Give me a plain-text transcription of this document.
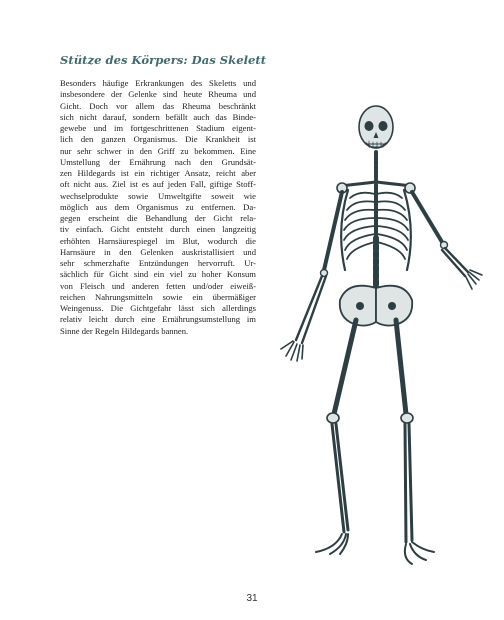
Stütze des Körpers: Das Skelett
Besonders häufige Erkrankungen des Skeletts und
insbesondere der Gelenke sind heute Rheuma und
Gicht. Doch vor allem das Rheuma beschränkt
sich nicht darauf, sondern befällt auch das Binde-
gewebe und im fortgeschrittenen Stadium eigent-
lich den ganzen Organismus. Die Krankheit ist
nur sehr schwer in den Griff zu bekommen. Eine
Umstellung der Ernährung nach den Grundsät-
zen Hildegards ist ein richtiger Ansatz, reicht aber
oft nicht aus. Ziel ist es auf jeden Fall, giftige Stoff-
wechselprodukte sowie Umweltgifte soweit wie
möglich aus dem Organismus zu entfernen. Da-
gegen erscheint die Behandlung der Gicht rela-
tiv einfach. Gicht entsteht durch einen langzeitig
erhöhten Harnsäurespiegel im Blut, wodurch die
Harnsäure in den Gelenken auskristallisiert und
sehr schmerzhafte Entzündungen hervorruft. Ur-
sächlich für Gicht sind ein viel zu hoher Konsum
von Fleisch und anderen fetten und/oder eiweiß-
reichen Nahrungsmitteln sowie ein übermäßiger
Weingenuss. Die Gichtgefahr lässt sich allerdings
relativ leicht durch eine Ernährungsumstellung im
Sinne der Regeln Hildegards bannen.
31
